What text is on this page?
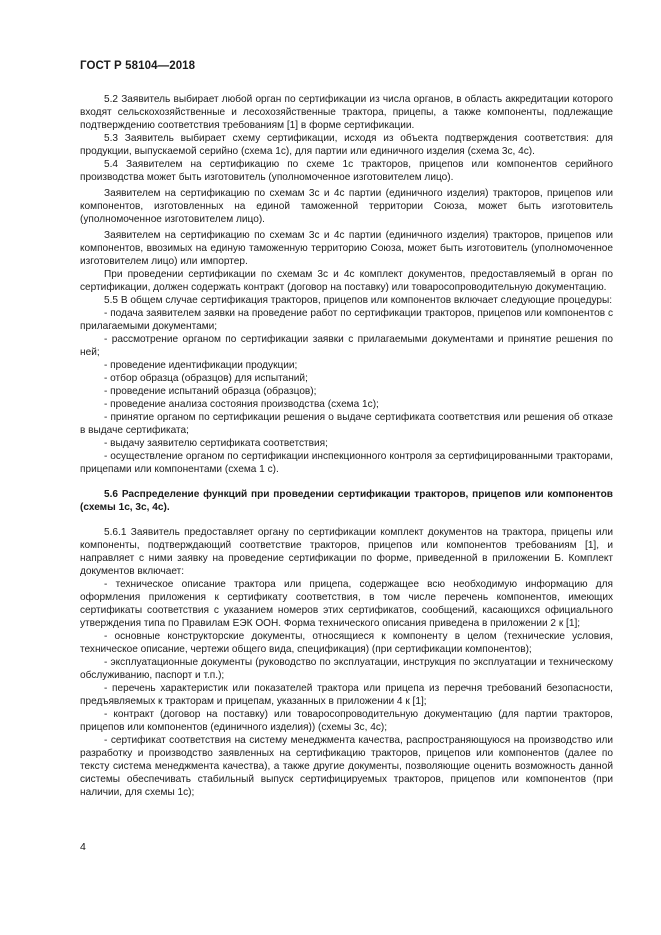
ГОСТ Р 58104—2018

5.2 Заявитель выбирает любой орган по сертификации из числа органов, в область аккредитации которого входят сельскохозяйственные и лесохозяйственные трактора, прицепы, а также компоненты, подлежащие подтверждению соответствия требованиям [1] в форме сертификации.

5.3 Заявитель выбирает схему сертификации, исходя из объекта подтверждения соответствия: для продукции, выпускаемой серийно (схема 1с), для партии или единичного изделия (схема 3с, 4с).

5.4 Заявителем на сертификацию по схеме 1с тракторов, прицепов или компонентов серийного производства может быть изготовитель (уполномоченное изготовителем лицо).

Заявителем на сертификацию по схемам 3с и 4с партии (единичного изделия) тракторов, прицепов или компонентов, изготовленных на единой таможенной территории Союза, может быть изготовитель (уполномоченное изготовителем лицо).

Заявителем на сертификацию по схемам 3с и 4с партии (единичного изделия) тракторов, прицепов или компонентов, ввозимых на единую таможенную территорию Союза, может быть изготовитель (уполномоченное изготовителем лицо) или импортер.

При проведении сертификации по схемам 3с и 4с комплект документов, предоставляемый в орган по сертификации, должен содержать контракт (договор на поставку) или товаросопроводительную документацию.

5.5 В общем случае сертификация тракторов, прицепов или компонентов включает следующие процедуры:

- подача заявителем заявки на проведение работ по сертификации тракторов, прицепов или компонентов с прилагаемыми документами;

- рассмотрение органом по сертификации заявки с прилагаемыми документами и принятие решения по ней;

- проведение идентификации продукции;

- отбор образца (образцов) для испытаний;

- проведение испытаний образца (образцов);

- проведение анализа состояния производства (схема 1с);

- принятие органом по сертификации решения о выдаче сертификата соответствия или решения об отказе в выдаче сертификата;

- выдачу заявителю сертификата соответствия;

- осуществление органом по сертификации инспекционного контроля за сертифицированными тракторами, прицепами или компонентами (схема 1 с).

5.6 Распределение функций при проведении сертификации тракторов, прицепов или компонентов (схемы 1с, 3с, 4с).

5.6.1 Заявитель предоставляет органу по сертификации комплект документов на трактора, прицепы или компоненты, подтверждающий соответствие тракторов, прицепов или компонентов требованиям [1], и направляет с ними заявку на проведение сертификации по форме, приведенной в приложении Б. Комплект документов включает:

- техническое описание трактора или прицепа, содержащее всю необходимую информацию для оформления приложения к сертификату соответствия, в том числе перечень компонентов, имеющих сертификаты соответствия с указанием номеров этих сертификатов, сообщений, касающихся официального утверждения типа по Правилам ЕЭК ООН. Форма технического описания приведена в приложении 2 к [1];

- основные конструкторские документы, относящиеся к компоненту в целом (технические условия, техническое описание, чертежи общего вида, спецификация) (при сертификации компонентов);

- эксплуатационные документы (руководство по эксплуатации, инструкция по эксплуатации и техническому обслуживанию, паспорт и т.п.);

- перечень характеристик или показателей трактора или прицепа из перечня требований безопасности, предъявляемых к тракторам и прицепам, указанных в приложении 4 к [1];

- контракт (договор на поставку) или товаросопроводительную документацию (для партии тракторов, прицепов или компонентов (единичного изделия)) (схемы 3с, 4с);

- сертификат соответствия на систему менеджмента качества, распространяющуюся на производство или разработку и производство заявленных на сертификацию тракторов, прицепов или компонентов (далее по тексту система менеджмента качества), а также другие документы, позволяющие оценить возможность данной системы обеспечивать стабильный выпуск сертифицируемых тракторов, прицепов или компонентов (при наличии, для схемы 1с);

4
